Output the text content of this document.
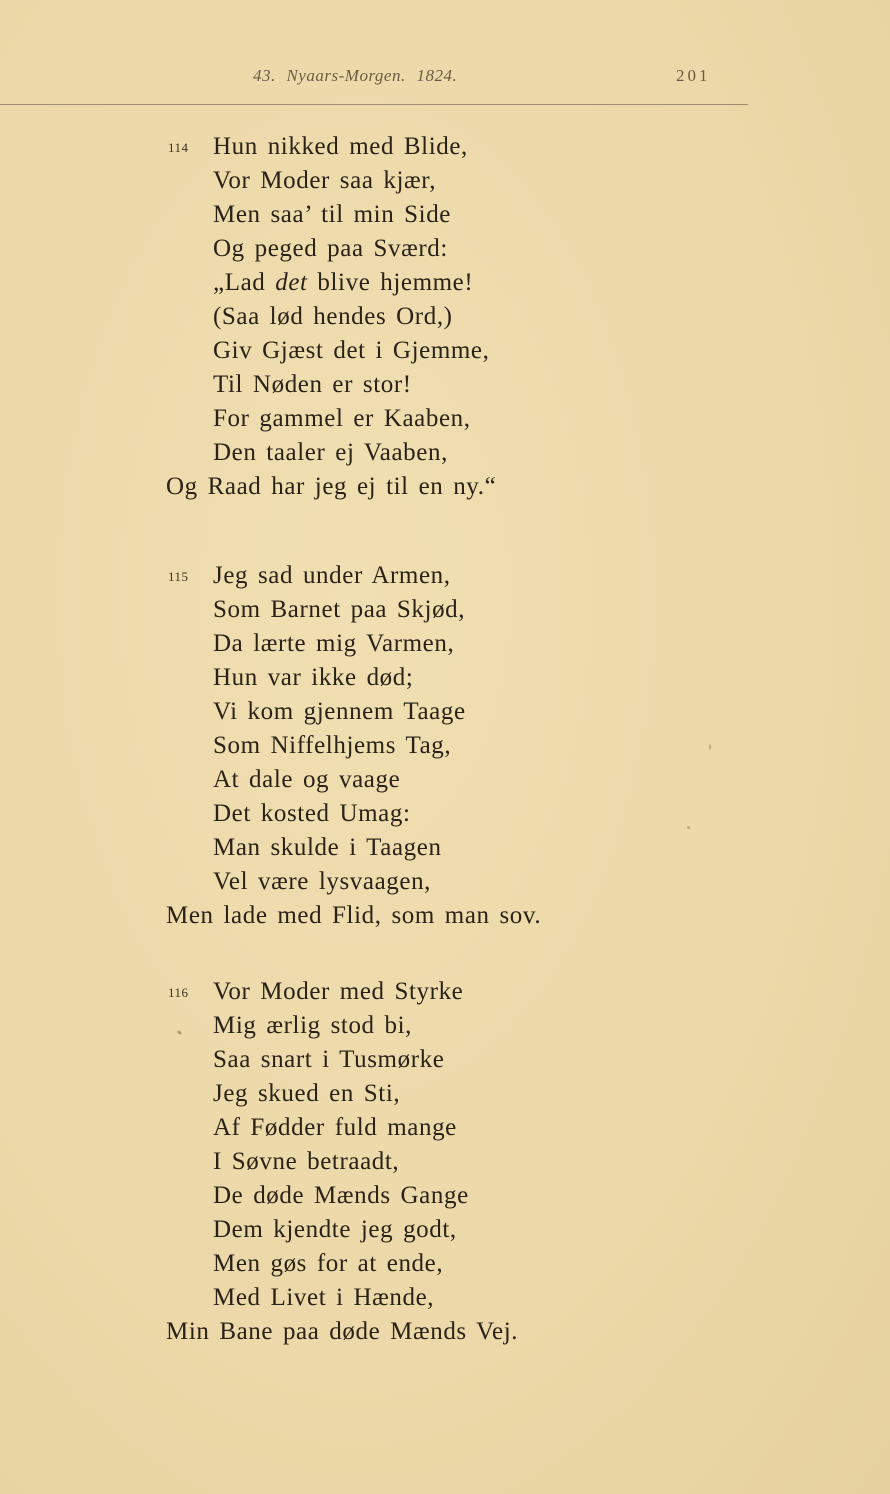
43. Nyaars-Morgen. 1824.	201
114 Hun nikked med Blide,
Vor Moder saa kjær,
Men saa’ til min Side
Og peged paa Sværd:
„Lad det blive hjemme!
(Saa lød hendes Ord,)
Giv Gjæst det i Gjemme,
Til Nøden er stor!
For gammel er Kaaben,
Den taaler ej Vaaben,
Og Raad har jeg ej til en ny.“
115 Jeg sad under Armen,
Som Barnet paa Skjød,
Da lærte mig Varmen,
Hun var ikke død;
Vi kom gjennem Taage
Som Niffelhjems Tag,
At dale og vaage
Det kosted Umag:
Man skulde i Taagen
Vel være lysvaagen,
Men lade med Flid, som man sov.
116 Vor Moder med Styrke
Mig ærlig stod bi,
Saa snart i Tusmørke
Jeg skued en Sti,
Af Fødder fuld mange
I Søvne betraadt,
De døde Mænds Gange
Dem kjendte jeg godt,
Men gøs for at ende,
Med Livet i Hænde,
Min Bane paa døde Mænds Vej.
